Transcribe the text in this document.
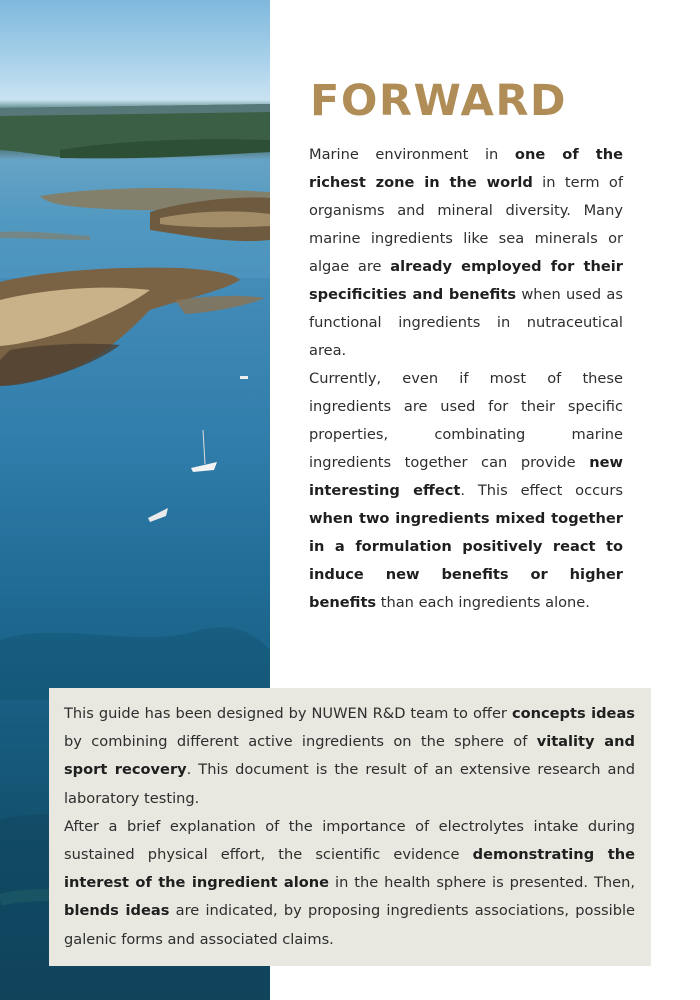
FORWARD

Marine environment in one of the richest zone in the world in term of organisms and mineral diversity. Many marine ingredients like sea minerals or algae are already employed for their specificities and benefits when used as functional ingredients in nutraceutical area.

Currently, even if most of these ingredients are used for their specific properties, combinating marine ingredients together can provide new interesting effect. This effect occurs when two ingredients mixed together in a formulation positively react to induce new benefits or higher benefits than each ingredients alone.

This guide has been designed by NUWEN R&D team to offer concepts ideas by combining different active ingredients on the sphere of vitality and sport recovery. This document is the result of an extensive research and laboratory testing.

After a brief explanation of the importance of electrolytes intake during sustained physical effort, the scientific evidence demonstrating the interest of the ingredient alone in the health sphere is presented. Then, blends ideas are indicated, by proposing ingredients associations, possible galenic forms and associated claims.
